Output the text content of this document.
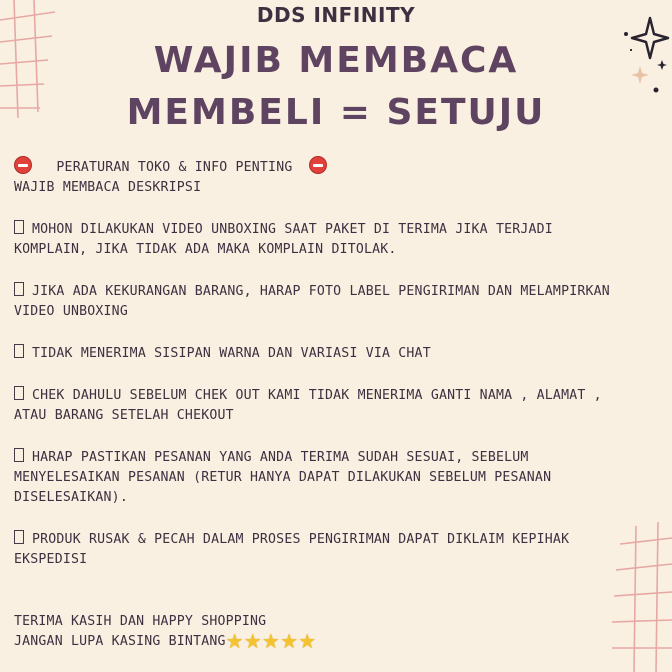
DDS INFINITY
WAJIB MEMBACA
MEMBELI = SETUJU
PERATURAN TOKO & INFO PENTING
WAJIB MEMBACA DESKRIPSI
MOHON DILAKUKAN VIDEO UNBOXING SAAT PAKET DI TERIMA JIKA TERJADI
KOMPLAIN, JIKA TIDAK ADA MAKA KOMPLAIN DITOLAK.
JIKA ADA KEKURANGAN BARANG, HARAP FOTO LABEL PENGIRIMAN DAN MELAMPIRKAN
VIDEO UNBOXING
TIDAK MENERIMA SISIPAN WARNA DAN VARIASI VIA CHAT
CHEK DAHULU SEBELUM CHEK OUT KAMI TIDAK MENERIMA GANTI NAMA , ALAMAT ,
ATAU BARANG SETELAH CHEKOUT
HARAP PASTIKAN PESANAN YANG ANDA TERIMA SUDAH SESUAI, SEBELUM
MENYELESAIKAN PESANAN (RETUR HANYA DAPAT DILAKUKAN SEBELUM PESANAN
DISELESAIKAN).
PRODUK RUSAK & PECAH DALAM PROSES PENGIRIMAN DAPAT DIKLAIM KEPIHAK
EKSPEDISI
TERIMA KASIH DAN HAPPY SHOPPING
JANGAN LUPA KASING BINTANG★★★★★
